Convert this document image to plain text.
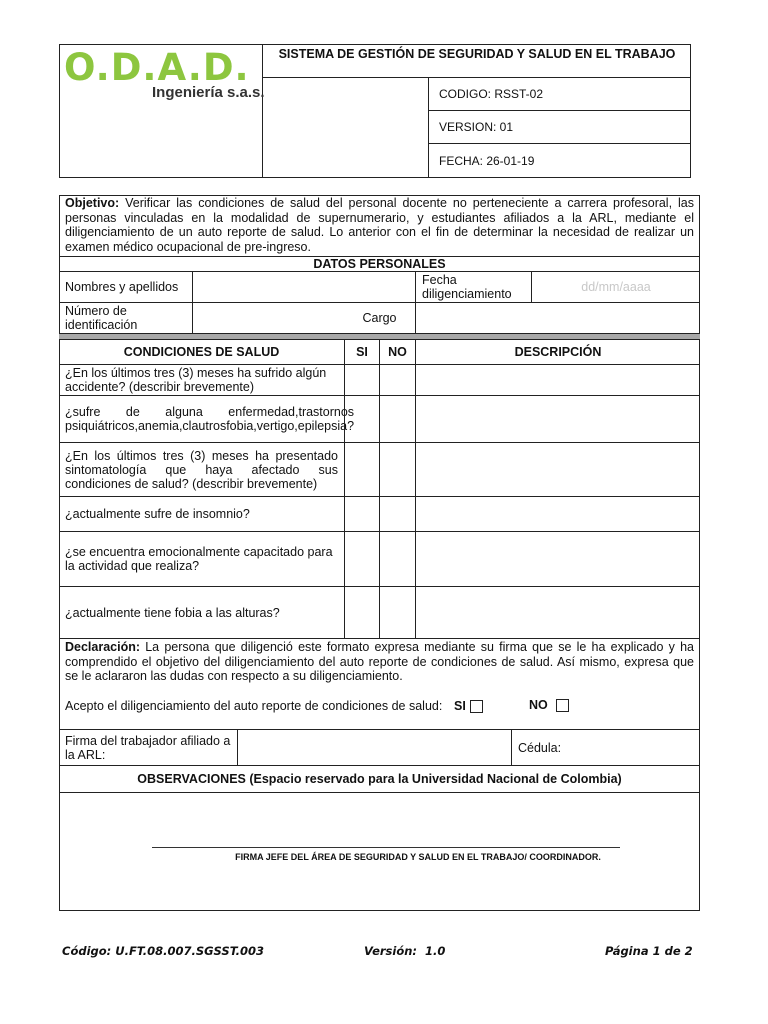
O.D.A.D.
Ingeniería s.a.s.
SISTEMA DE GESTIÓN DE SEGURIDAD Y SALUD EN EL TRABAJO
CODIGO: RSST-02
VERSION: 01
FECHA: 26-01-19
Objetivo: Verificar las condiciones de salud del personal docente no perteneciente a carrera profesoral, las personas vinculadas en la modalidad de supernumerario, y estudiantes afiliados a la ARL, mediante el diligenciamiento de un auto reporte de salud. Lo anterior con el fin de determinar la necesidad de realizar un examen médico ocupacional de pre-ingreso.
DATOS PERSONALES
Nombres y apellidos	Fecha diligenciamiento	dd/mm/aaaa
Número de identificación	Cargo
CONDICIONES DE SALUD	SI	NO	DESCRIPCIÓN
¿En los últimos tres (3) meses ha sufrido algún accidente? (describir brevemente)
¿sufre de alguna enfermedad,trastornos psiquiátricos,anemia,clautrosfobia,vertigo,epilepsia?
¿En los últimos tres (3) meses ha presentado sintomatología que haya afectado sus condiciones de salud? (describir brevemente)
¿actualmente sufre de insomnio?
¿se encuentra emocionalmente capacitado para la actividad que realiza?
¿actualmente tiene fobia a las alturas?
Declaración: La persona que diligenció este formato expresa mediante su firma que se le ha explicado y ha comprendido el objetivo del diligenciamiento del auto reporte de condiciones de salud. Así mismo, expresa que se le aclararon las dudas con respecto a su diligenciamiento.
Acepto el diligenciamiento del auto reporte de condiciones de salud: SI	NO
Firma del trabajador afiliado a la ARL:	Cédula:
OBSERVACIONES (Espacio reservado para la Universidad Nacional de Colombia)
FIRMA JEFE DEL ÁREA DE SEGURIDAD Y SALUD EN EL TRABAJO/ COORDINADOR.
Código: U.FT.08.007.SGSST.003	Versión: 1.0	Página 1 de 2
